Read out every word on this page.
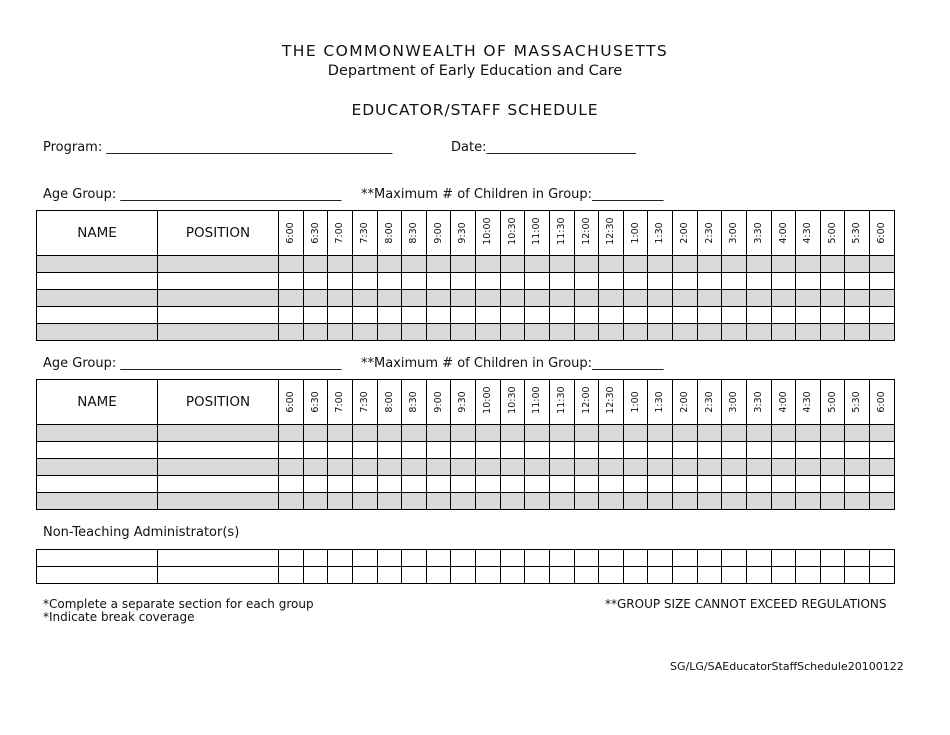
THE COMMONWEALTH OF MASSACHUSETTS
Department of Early Education and Care
EDUCATOR/STAFF SCHEDULE
Program: ____________________________________________	Date:_______________________
Age Group: __________________________________ **Maximum # of Children in Group:___________
NAME	POSITION	6:00	6:30	7:00	7:30	8:00	8:30	9:00	9:30	10:00	10:30	11:00	11:30	12:00	12:30	1:00	1:30	2:00	2:30	3:00	3:30	4:00	4:30	5:00	5:30	6:00

Age Group: __________________________________ **Maximum # of Children in Group:___________
NAME	POSITION	6:00	6:30	7:00	7:30	8:00	8:30	9:00	9:30	10:00	10:30	11:00	11:30	12:00	12:30	1:00	1:30	2:00	2:30	3:00	3:30	4:00	4:30	5:00	5:30	6:00

Non-Teaching Administrator(s)

*Complete a separate section for each group
*Indicate break coverage
**GROUP SIZE CANNOT EXCEED REGULATIONS
SG/LG/SAEducatorStaffSchedule20100122
